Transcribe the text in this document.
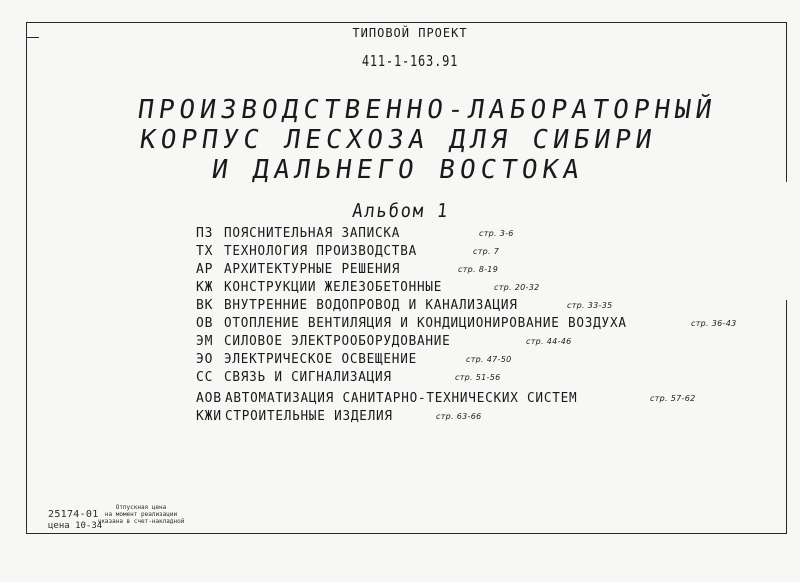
ТИПОВОЙ ПРОЕКТ
411-1-163.91
ПРОИЗВОДСТВЕННО-ЛАБОРАТОРНЫЙ
КОРПУС ЛЕСХОЗА ДЛЯ СИБИРИ
И ДАЛЬНЕГО ВОСТОКА
Альбом 1
ПЗ ПОЯСНИТЕЛЬНАЯ ЗАПИСКА	стр. 3-6
ТХ ТЕХНОЛОГИЯ ПРОИЗВОДСТВА	стр. 7
АР АРХИТЕКТУРНЫЕ РЕШЕНИЯ	стр. 8-19
КЖ КОНСТРУКЦИИ ЖЕЛЕЗОБЕТОННЫЕ	стр. 20-32
ВК ВНУТРЕННИЕ ВОДОПРОВОД И КАНАЛИЗАЦИЯ	стр. 33-35
ОВ ОТОПЛЕНИЕ ВЕНТИЛЯЦИЯ И КОНДИЦИОНИРОВАНИЕ ВОЗДУХА	стр. 36-43
ЭМ СИЛОВОЕ ЭЛЕКТРООБОРУДОВАНИЕ	стр. 44-46
ЭО ЭЛЕКТРИЧЕСКОЕ ОСВЕЩЕНИЕ	стр. 47-50
СС СВЯЗЬ И СИГНАЛИЗАЦИЯ	стр. 51-56
АОВ АВТОМАТИЗАЦИЯ САНИТАРНО-ТЕХНИЧЕСКИХ СИСТЕМ	стр. 57-62
КЖИ СТРОИТЕЛЬНЫЕ ИЗДЕЛИЯ	стр. 63-66
25174-01
цена 10-34
Отпускная цена
на момент реализации
указана в счет-накладной
